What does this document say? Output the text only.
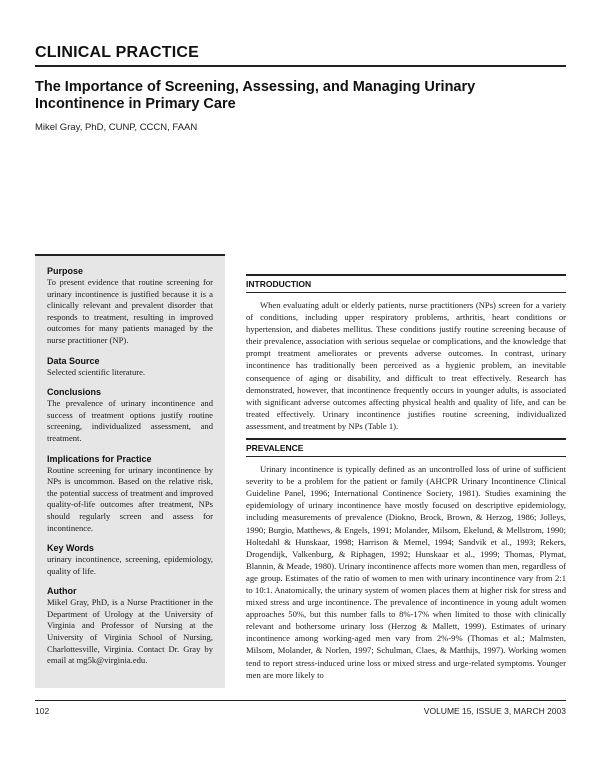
CLINICAL PRACTICE
The Importance of Screening, Assessing, and Managing Urinary Incontinence in Primary Care
Mikel Gray, PhD, CUNP, CCCN, FAAN
Purpose
To present evidence that routine screening for urinary incontinence is justified because it is a clinically relevant and prevalent disorder that responds to treatment, resulting in improved outcomes for many patients managed by the nurse practitioner (NP).
Data Source
Selected scientific literature.
Conclusions
The prevalence of urinary incontinence and success of treatment options justify routine screening, individualized assessment, and treatment.
Implications for Practice
Routine screening for urinary incontinence by NPs is uncommon. Based on the relative risk, the potential success of treatment and improved quality-of-life outcomes after treatment, NPs should regularly screen and assess for incontinence.
Key Words
urinary incontinence, screening, epidemiology, quality of life.
Author
Mikel Gray, PhD, is a Nurse Practitioner in the Department of Urology at the University of Virginia and Professor of Nursing at the University of Virginia School of Nursing, Charlottesville, Virginia. Contact Dr. Gray by email at mg5k@virginia.edu.
INTRODUCTION

When evaluating adult or elderly patients, nurse practitioners (NPs) screen for a variety of conditions, including upper respiratory problems, arthritis, heart conditions or hypertension, and diabetes mellitus. These conditions justify routine screening because of their prevalence, association with serious sequelae or complications, and the knowledge that prompt treatment ameliorates or prevents adverse outcomes. In contrast, urinary incontinence has traditionally been perceived as a hygienic problem, an inevitable consequence of aging or disability, and difficult to treat effectively. Research has demonstrated, however, that incontinence frequently occurs in younger adults, is associated with significant adverse outcomes affecting physical health and quality of life, and can be treated effectively. Urinary incontinence justifies routine screening, individualized assessment, and treatment by NPs (Table 1).

PREVALENCE

Urinary incontinence is typically defined as an uncontrolled loss of urine of sufficient severity to be a problem for the patient or family (AHCPR Urinary Incontinence Clinical Guideline Panel, 1996; International Continence Society, 1981). Studies examining the epidemiology of urinary incontinence have mostly focused on descriptive epidemiology, including measurements of prevalence (Diokno, Brock, Brown, & Herzog, 1986; Jolleys, 1990; Burgio, Matthews, & Engels, 1991; Molander, Milsom, Ekelund, & Mellstrom, 1990; Holtedahl & Hunskaar, 1998; Harrison & Memel, 1994; Sandvik et al., 1993; Rekers, Drogendijk, Valkenburg, & Riphagen, 1992; Hunskaar et al., 1999; Thomas, Plymat, Blannin, & Meade, 1980). Urinary incontinence affects more women than men, regardless of age group. Estimates of the ratio of women to men with urinary incontinence vary from 2:1 to 10:1. Anatomically, the urinary system of women places them at higher risk for stress and mixed stress and urge incontinence. The prevalence of incontinence in young adult women approaches 50%, but this number falls to 8%-17% when limited to those with clinically relevant and bothersome urinary loss (Herzog & Mallett, 1999). Estimates of urinary incontinence among working-aged men vary from 2%-9% (Thomas et al.; Malmsten, Milsom, Molander, & Norlen, 1997; Schulman, Claes, & Matthijs, 1997). Working women tend to report stress-induced urine loss or mixed stress and urge-related symptoms. Younger men are more likely to

102	VOLUME 15, ISSUE 3, MARCH 2003
